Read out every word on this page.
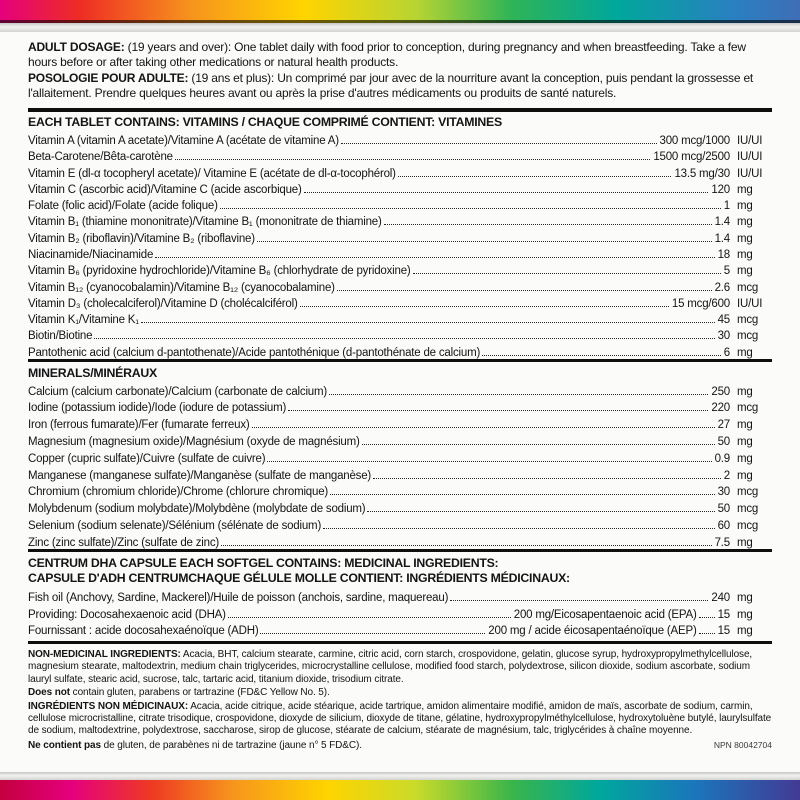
ADULT DOSAGE: (19 years and over): One tablet daily with food prior to conception, during pregnancy and when breastfeeding. Take a few hours before or after taking other medications or natural health products.

POSOLOGIE POUR ADULTE: (19 ans et plus): Un comprimé par jour avec de la nourriture avant la conception, puis pendant la grossesse et l'allaitement. Prendre quelques heures avant ou après la prise d'autres médicaments ou produits de santé naturels.

EACH TABLET CONTAINS: VITAMINS / CHAQUE COMPRIMÉ CONTIENT: VITAMINES
Vitamin A (vitamin A acetate)/Vitamine A (acétate de vitamine A)	300 mcg/1000 IU/UI
Beta-Carotene/Bêta-carotène	1500 mcg/2500 IU/UI
Vitamin E (dl-α tocopheryl acetate)/ Vitamine E (acétate de dl-α-tocophérol)	13.5 mg/30 IU/UI
Vitamin C (ascorbic acid)/Vitamine C (acide ascorbique)	120 mg
Folate (folic acid)/Folate (acide folique)	1 mg
Vitamin B₁ (thiamine mononitrate)/Vitamine B₁ (mononitrate de thiamine)	1.4 mg
Vitamin B₂ (riboflavin)/Vitamine B₂ (riboflavine)	1.4 mg
Niacinamide/Niacinamide	18 mg
Vitamin B₆ (pyridoxine hydrochloride)/Vitamine B₆ (chlorhydrate de pyridoxine)	5 mg
Vitamin B₁₂ (cyanocobalamin)/Vitamine B₁₂ (cyanocobalamine)	2.6 mcg
Vitamin D₃ (cholecalciferol)/Vitamine D (cholécalciférol)	15 mcg/600 IU/UI
Vitamin K₁/Vitamine K₁	45 mcg
Biotin/Biotine	30 mcg
Pantothenic acid (calcium d-pantothenate)/Acide pantothénique (d-pantothénate de calcium)	6 mg
MINERALS/MINÉRAUX
Calcium (calcium carbonate)/Calcium (carbonate de calcium)	250 mg
Iodine (potassium iodide)/Iode (iodure de potassium)	220 mcg
Iron (ferrous fumarate)/Fer (fumarate ferreux)	27 mg
Magnesium (magnesium oxide)/Magnésium (oxyde de magnésium)	50 mg
Copper (cupric sulfate)/Cuivre (sulfate de cuivre)	0.9 mg
Manganese (manganese sulfate)/Manganèse (sulfate de manganèse)	2 mg
Chromium (chromium chloride)/Chrome (chlorure chromique)	30 mcg
Molybdenum (sodium molybdate)/Molybdène (molybdate de sodium)	50 mcg
Selenium (sodium selenate)/Sélénium (sélénate de sodium)	60 mcg
Zinc (zinc sulfate)/Zinc (sulfate de zinc)	7.5 mg

CENTRUM DHA CAPSULE EACH SOFTGEL CONTAINS: MEDICINAL INGREDIENTS:

CAPSULE D'ADH CENTRUMCHAQUE GÉLULE MOLLE CONTIENT: INGRÉDIENTS MÉDICINAUX:

Fish oil (Anchovy, Sardine, Mackerel)/Huile de poisson (anchois, sardine, maquereau)	240 mg
Providing: Docosahexaenoic acid (DHA)	200 mg/Eicosapentaenoic acid (EPA) 15 mg
Fournissant : acide docosahexaénoïque (ADH)	200 mg / acide éicosapentaénoïque (AEP) 15 mg

NON-MEDICINAL INGREDIENTS: Acacia, BHT, calcium stearate, carmine, citric acid, corn starch, crospovidone, gelatin, glucose syrup, hydroxypropylmethylcellulose, magnesium stearate, maltodextrin, medium chain triglycerides, microcrystalline cellulose, modified food starch, polydextrose, silicon dioxide, sodium ascorbate, sodium lauryl sulfate, stearic acid, sucrose, talc, tartaric acid, titanium dioxide, trisodium citrate.

Does not contain gluten, parabens or tartrazine (FD&C Yellow No. 5).

INGRÉDIENTS NON MÉDICINAUX: Acacia, acide citrique, acide stéarique, acide tartrique, amidon alimentaire modifié, amidon de maïs, ascorbate de sodium, carmin, cellulose microcristalline, citrate trisodique, crospovidone, dioxyde de silicium, dioxyde de titane, gélatine, hydroxypropylméthylcellulose, hydroxytoluène butylé, laurylsulfate de sodium, maltodextrine, polydextrose, saccharose, sirop de glucose, stéarate de calcium, stéarate de magnésium, talc, triglycérides à chaîne moyenne.

Ne contient pas de gluten, de parabènes ni de tartrazine (jaune n° 5 FD&C).	NPN 80042704
